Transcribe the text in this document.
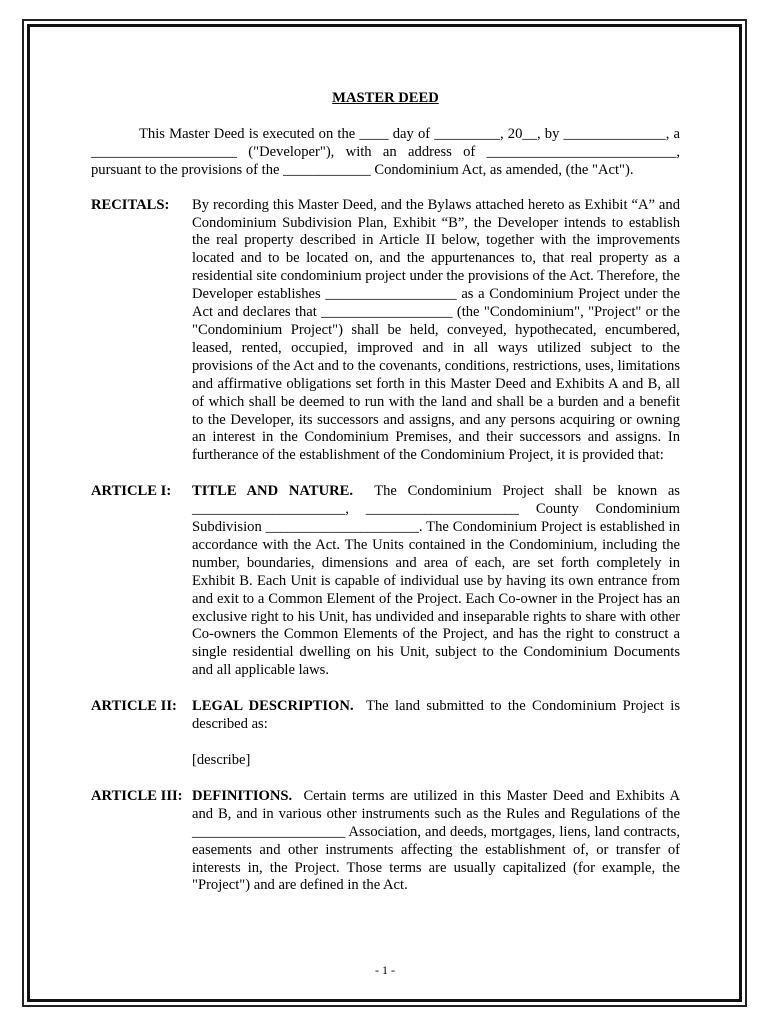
MASTER DEED
This Master Deed is executed on the ____ day of _________, 20__, by ______________, a ____________________ ("Developer"), with an address of __________________________, pursuant to the provisions of the ____________ Condominium Act, as amended, (the "Act").
RECITALS:	By recording this Master Deed, and the Bylaws attached hereto as Exhibit “A” and Condominium Subdivision Plan, Exhibit “B”, the Developer intends to establish the real property described in Article II below, together with the improvements located and to be located on, and the appurtenances to, that real property as a residential site condominium project under the provisions of the Act. Therefore, the Developer establishes __________________ as a Condominium Project under the Act and declares that __________________ (the "Condominium", "Project" or the "Condominium Project") shall be held, conveyed, hypothecated, encumbered, leased, rented, occupied, improved and in all ways utilized subject to the provisions of the Act and to the covenants, conditions, restrictions, uses, limitations and affirmative obligations set forth in this Master Deed and Exhibits A and B, all of which shall be deemed to run with the land and shall be a burden and a benefit to the Developer, its successors and assigns, and any persons acquiring or owning an interest in the Condominium Premises, and their successors and assigns. In furtherance of the establishment of the Condominium Project, it is provided that:
ARTICLE I:	TITLE AND NATURE. The Condominium Project shall be known as _____________________, _____________________ County Condominium Subdivision _____________________. The Condominium Project is established in accordance with the Act. The Units contained in the Condominium, including the number, boundaries, dimensions and area of each, are set forth completely in Exhibit B. Each Unit is capable of individual use by having its own entrance from and exit to a Common Element of the Project. Each Co-owner in the Project has an exclusive right to his Unit, has undivided and inseparable rights to share with other Co-owners the Common Elements of the Project, and has the right to construct a single residential dwelling on his Unit, subject to the Condominium Documents and all applicable laws.
ARTICLE II:	LEGAL DESCRIPTION. The land submitted to the Condominium Project is described as:
[describe]
ARTICLE III: DEFINITIONS. Certain terms are utilized in this Master Deed and Exhibits A and B, and in various other instruments such as the Rules and Regulations of the _____________________ Association, and deeds, mortgages, liens, land contracts, easements and other instruments affecting the establishment of, or transfer of interests in, the Project. Those terms are usually capitalized (for example, the "Project") and are defined in the Act.
- 1 -
